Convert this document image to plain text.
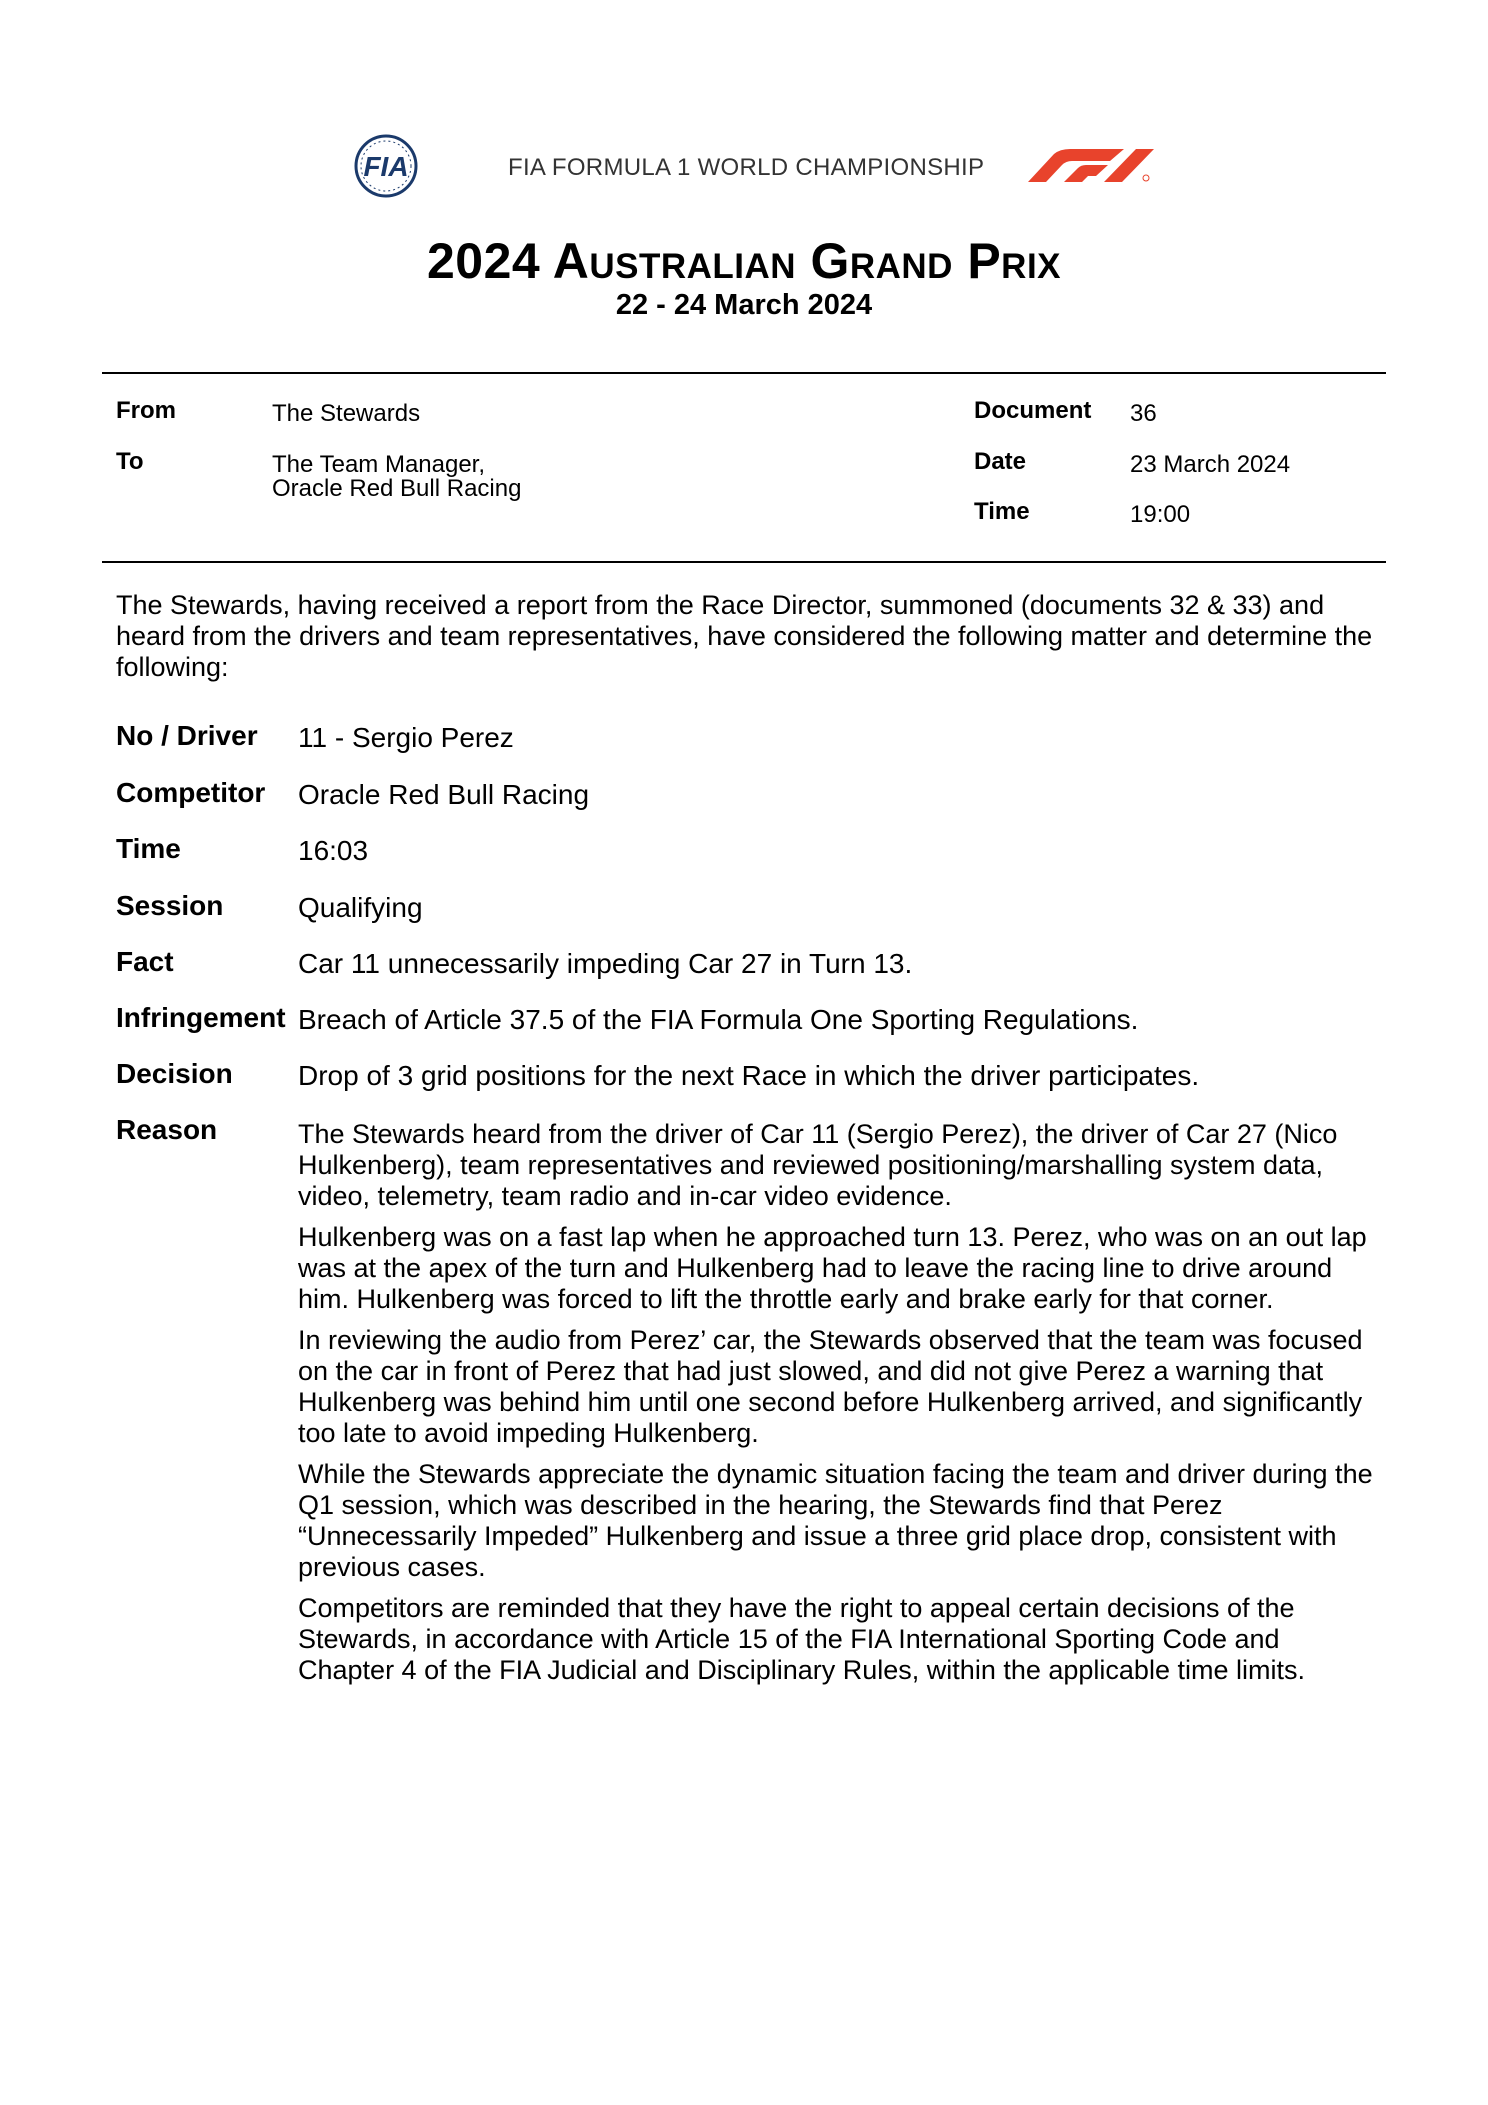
FIA	FIA FORMULA 1 WORLD CHAMPIONSHIP
2024 Australian Grand Prix
22 - 24 March 2024
From	The Stewards
To	The Team Manager,
Oracle Red Bull Racing
Document 36
Date	23 March 2024
Time	19:00
The Stewards, having received a report from the Race Director, summoned (documents 32 & 33) and heard from the drivers and team representatives, have considered the following matter and determine the following:
No / Driver 11 - Sergio Perez
Competitor Oracle Red Bull Racing
Time	16:03
Session	Qualifying
Fact	Car 11 unnecessarily impeding Car 27 in Turn 13.
Infringement Breach of Article 37.5 of the FIA Formula One Sporting Regulations.
Decision Drop of 3 grid positions for the next Race in which the driver participates.
Reason	The Stewards heard from the driver of Car 11 (Sergio Perez), the driver of Car 27 (Nico Hulkenberg), team representatives and reviewed positioning/marshalling system data, video, telemetry, team radio and in-car video evidence.

Hulkenberg was on a fast lap when he approached turn 13. Perez, who was on an out lap was at the apex of the turn and Hulkenberg had to leave the racing line to drive around him. Hulkenberg was forced to lift the throttle early and brake early for that corner.

In reviewing the audio from Perez’ car, the Stewards observed that the team was focused on the car in front of Perez that had just slowed, and did not give Perez a warning that Hulkenberg was behind him until one second before Hulkenberg arrived, and significantly too late to avoid impeding Hulkenberg.

While the Stewards appreciate the dynamic situation facing the team and driver during the Q1 session, which was described in the hearing, the Stewards find that Perez “Unnecessarily Impeded” Hulkenberg and issue a three grid place drop, consistent with previous cases.

Competitors are reminded that they have the right to appeal certain decisions of the Stewards, in accordance with Article 15 of the FIA International Sporting Code and Chapter 4 of the FIA Judicial and Disciplinary Rules, within the applicable time limits.
